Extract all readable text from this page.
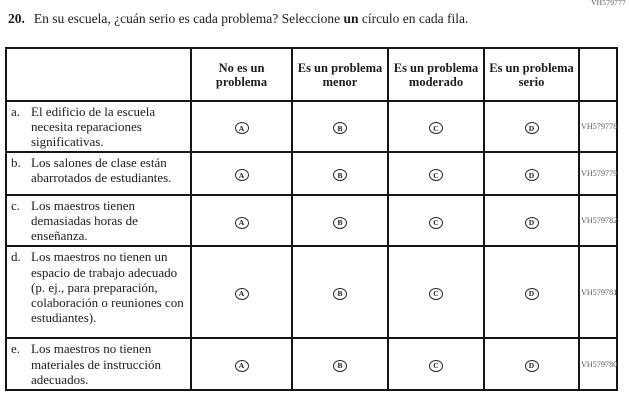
VH579777
20. En su escuela, ¿cuán serio es cada problema? Seleccione un círculo en cada fila.
	No es un problema	Es un problema menor	Es un problema moderado	Es un problema serio	

a. El edificio de la escuela necesita reparaciones significativas.	A	B	C	D	VH579778

b. Los salones de clase están abarrotados de estudiantes.	A	B	C	D	VH579779

c. Los maestros tienen demasiadas horas de enseñanza.	A	B	C	D	VH579782

d. Los maestros no tienen un espacio de trabajo adecuado (p. ej., para preparación, colaboración o reuniones con estudiantes).	A	B	C	D	VH579781

e. Los maestros no tienen materiales de instrucción adecuados.	A	B	C	D	VH579780
